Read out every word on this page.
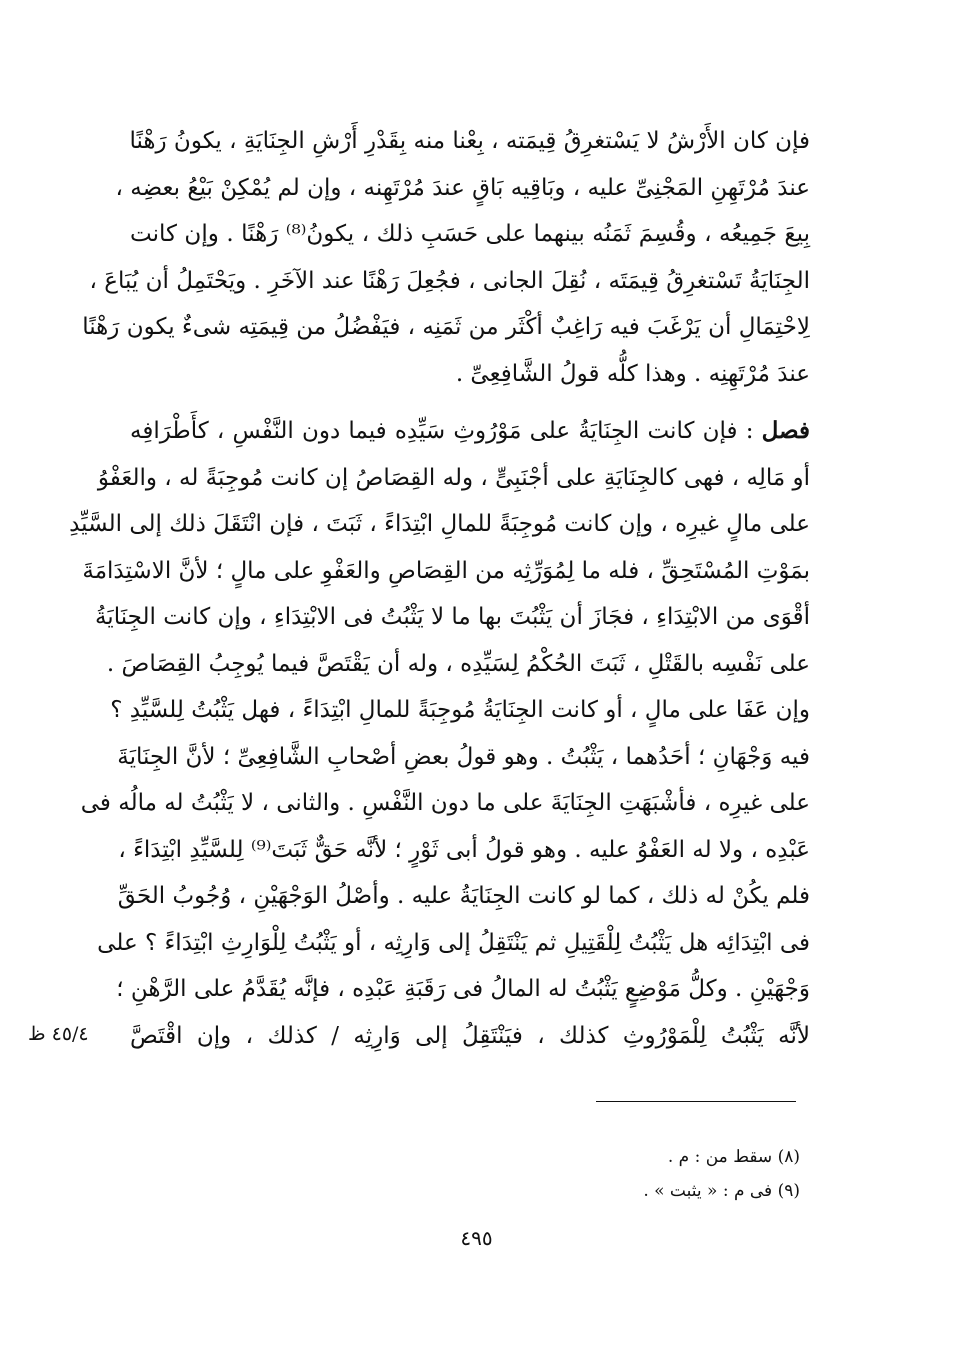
فإن كان الأَرْشُ لا يَسْتغرِقُ قِيمَته ، بِعْنا منه بِقَدْرِ أَرْشِ الجِنَايَةِ ، يكونُ رَهْنًا
عندَ مُرْتَهِنِ المَجْنِىِّ عليه ، وبَاقِيه بَاقٍ عندَ مُرْتَهِنه ، وإن لم يُمْكِنْ بَيْعُ بعضِه ،
بِيعَ جَمِيعُه ، وقُسِمَ ثَمَنُه بينهما على حَسَبِ ذلك ، يكونُ⁽⁸⁾ رَهْنًا . وإن كانت
الجِنَايَةُ تَسْتغرِقُ قِيمَتَه ، نُقِلَ الجانى ، فجُعِلَ رَهْنًا عند الآخَرِ . ويَحْتَمِلُ أن يُبَاعَ ،
لِاحْتِمَالِ أن يَرْغَبَ فيه رَاغِبٌ أكْثَر من ثَمَنِه ، فيَفْضُلُ من قِيمَتِه شىءٌ يكون رَهْنًا
عندَ مُرْتَهِنِه . وهذا كلُّه قولُ الشَّافِعِىِّ .
فصل : فإن كانت الجِنَايَةُ على مَوْرُوثِ سَيِّدِه فيما دون النَّفْسِ ، كأَطْرَافِه
أو مَالِه ، فهى كالجِنَايَةِ على أجْنَبِىٍّ ، وله القِصَاصُ إن كانت مُوجِبَةً له ، والعَفْوُ
على مالٍ غيرِه ، وإن كانت مُوجِبَةً للمالِ ابْتِدَاءً ، ثَبَتَ ، فإن انْتَقَلَ ذلك إلى السَّيِّدِ
بمَوْتِ المُسْتَحِقِّ ، فله ما لِمُوَرِّثِه من القِصَاصِ والعَفْوِ على مالٍ ؛ لأنَّ الاسْتِدَامَةَ
أقْوَى من الابْتِدَاءِ ، فجَازَ أن يَثْبُتَ بها ما لا يَثْبُتُ فى الابْتِدَاءِ ، وإن كانت الجِنَايَةُ
على نَفْسِه بالقَتْلِ ، ثَبَتَ الحُكْمُ لِسَيِّدِه ، وله أن يَقْتَصَّ فيما يُوجِبُ القِصَاصَ .
وإن عَفَا على مالٍ ، أو كانت الجِنَايَةُ مُوجِبَةً للمالِ ابْتِدَاءً ، فهل يَثْبُتُ لِلسَّيِّدِ ؟
فيه وَجْهَانِ ؛ أحَدُهما ، يَثْبُتُ . وهو قولُ بعضِ أصْحابِ الشَّافِعِىِّ ؛ لأنَّ الجِنَايَةَ
على غيرِه ، فأشْبَهَتِ الجِنَايَةَ على ما دون النَّفْسِ . والثانى ، لا يَثْبُتُ له مالُه فى
عَبْدِه ، ولا له العَفْوُ عليه . وهو قولُ أبى ثَوْرٍ ؛ لأنَّه حَقٌّ ثَبَتَ⁽⁹⁾ لِلسَّيِّدِ ابْتِدَاءً ،
فلم يكُنْ له ذلك ، كما لو كانت الجِنَايَةُ عليه . وأصْلُ الوَجْهَيْنِ ، وُجُوبُ الحَقِّ
فى ابْتِدَائِه هل يَثْبُتُ لِلْقَتِيلِ ثم يَنْتَقِلُ إلى وَارِثِه ، أو يَثْبُتُ لِلْوَارِثِ ابْتِدَاءً ؟ على
وَجْهَيْنِ . وكلُّ مَوْضِعٍ يَثْبُتُ له المالُ فى رَقَبَةِ عَبْدِه ، فإنَّه يُقَدَّمُ على الرَّهْنِ ؛
لأنَّه يَثْبُتُ لِلْمَوْرُوثِ كذلك ، فيَنْتَقِلُ إلى وَارِثِه / كذلك ، وإن اقْتَصَّ
٤٥/٤ ظ
(٨) سقط من : م .
(٩) فى م : « يثبت » .
٤٩٥
